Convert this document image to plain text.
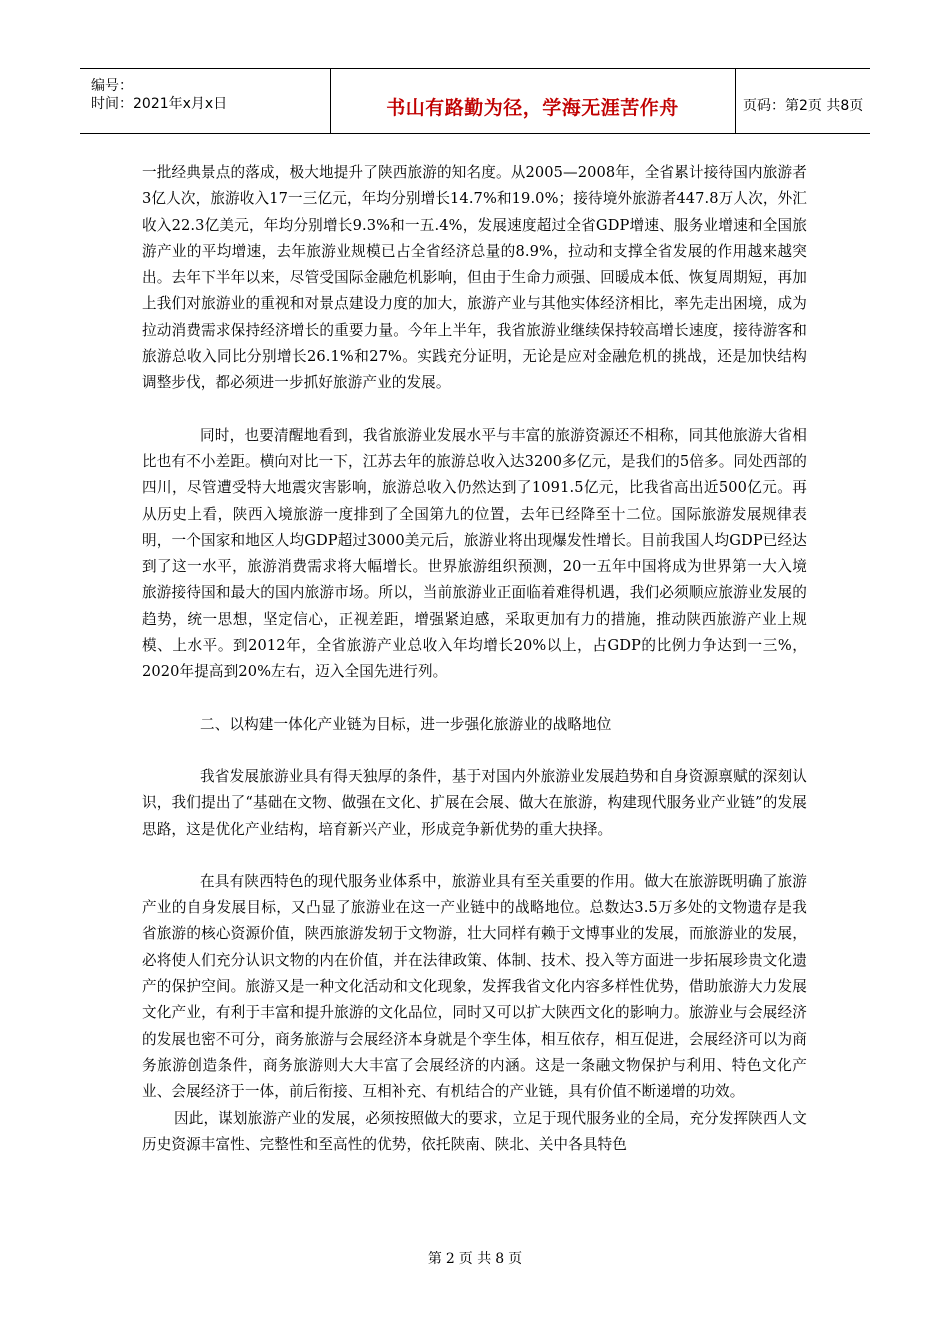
编号：
时间：2021年x月x日	书山有路勤为径，学海无涯苦作舟	页码：第2页 共8页

一批经典景点的落成，极大地提升了陕西旅游的知名度。从2005—2008年，全省累计接待国内旅游者3亿人次，旅游收入17一三亿元，年均分别增长14.7%和19.0%；接待境外旅游者447.8万人次，外汇收入22.3亿美元，年均分别增长9.3%和一五.4%，发展速度超过全省GDP增速、服务业增速和全国旅游产业的平均增速，去年旅游业规模已占全省经济总量的8.9%，拉动和支撑全省发展的作用越来越突出。去年下半年以来，尽管受国际金融危机影响，但由于生命力顽强、回暖成本低、恢复周期短，再加上我们对旅游业的重视和对景点建设力度的加大，旅游产业与其他实体经济相比，率先走出困境，成为拉动消费需求保持经济增长的重要力量。今年上半年，我省旅游业继续保持较高增长速度，接待游客和旅游总收入同比分别增长26.1%和27%。实践充分证明，无论是应对金融危机的挑战，还是加快结构调整步伐，都必须进一步抓好旅游产业的发展。

同时，也要清醒地看到，我省旅游业发展水平与丰富的旅游资源还不相称，同其他旅游大省相比也有不小差距。横向对比一下，江苏去年的旅游总收入达3200多亿元，是我们的5倍多。同处西部的四川，尽管遭受特大地震灾害影响，旅游总收入仍然达到了1091.5亿元，比我省高出近500亿元。再从历史上看，陕西入境旅游一度排到了全国第九的位置，去年已经降至十二位。国际旅游发展规律表明，一个国家和地区人均GDP超过3000美元后，旅游业将出现爆发性增长。目前我国人均GDP已经达到了这一水平，旅游消费需求将大幅增长。世界旅游组织预测，20一五年中国将成为世界第一大入境旅游接待国和最大的国内旅游市场。所以，当前旅游业正面临着难得机遇，我们必须顺应旅游业发展的趋势，统一思想，坚定信心，正视差距，增强紧迫感，采取更加有力的措施，推动陕西旅游产业上规模、上水平。到2012年，全省旅游产业总收入年均增长20%以上，占GDP的比例力争达到一三%，2020年提高到20%左右，迈入全国先进行列。

二、以构建一体化产业链为目标，进一步强化旅游业的战略地位

我省发展旅游业具有得天独厚的条件，基于对国内外旅游业发展趋势和自身资源禀赋的深刻认识，我们提出了“基础在文物、做强在文化、扩展在会展、做大在旅游，构建现代服务业产业链”的发展思路，这是优化产业结构，培育新兴产业，形成竞争新优势的重大抉择。

在具有陕西特色的现代服务业体系中，旅游业具有至关重要的作用。做大在旅游既明确了旅游产业的自身发展目标，又凸显了旅游业在这一产业链中的战略地位。总数达3.5万多处的文物遗存是我省旅游的核心资源价值，陕西旅游发轫于文物游，壮大同样有赖于文博事业的发展，而旅游业的发展，必将使人们充分认识文物的内在价值，并在法律政策、体制、技术、投入等方面进一步拓展珍贵文化遗产的保护空间。旅游又是一种文化活动和文化现象，发挥我省文化内容多样性优势，借助旅游大力发展文化产业，有利于丰富和提升旅游的文化品位，同时又可以扩大陕西文化的影响力。旅游业与会展经济的发展也密不可分，商务旅游与会展经济本身就是个孪生体，相互依存，相互促进，会展经济可以为商务旅游创造条件，商务旅游则大大丰富了会展经济的内涵。这是一条融文物保护与利用、特色文化产业、会展经济于一体，前后衔接、互相补充、有机结合的产业链，具有价值不断递增的功效。

因此，谋划旅游产业的发展，必须按照做大的要求，立足于现代服务业的全局，充分发挥陕西人文历史资源丰富性、完整性和至高性的优势，依托陕南、陕北、关中各具特色

第 2 页 共 8 页
